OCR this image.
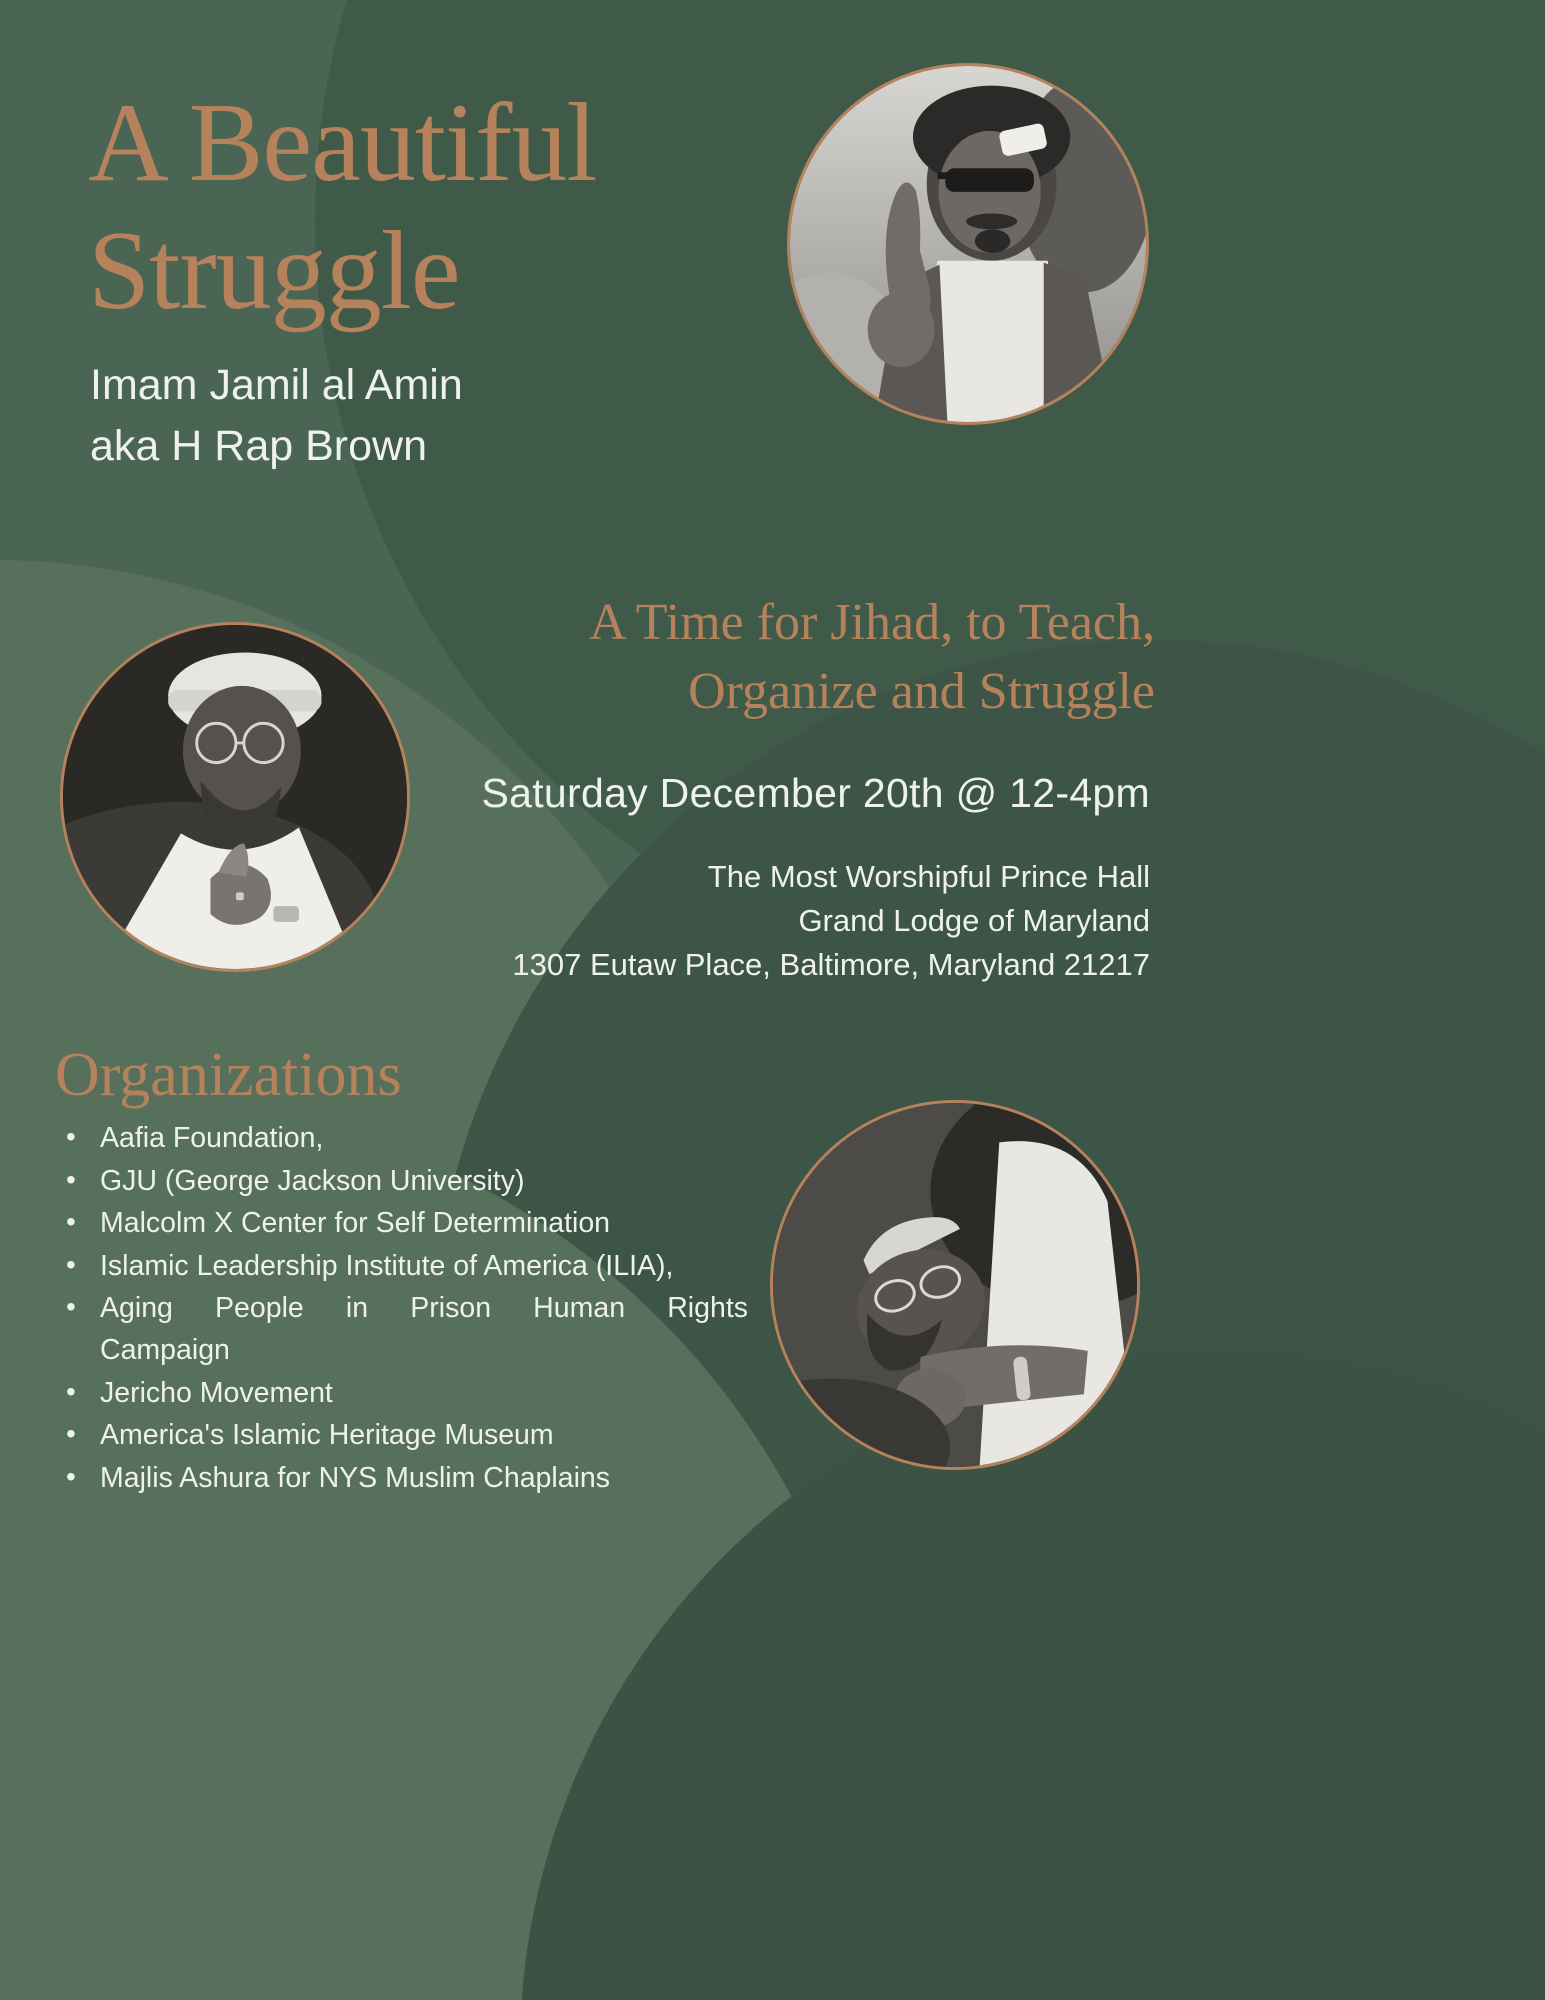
A Beautiful
Struggle
Imam Jamil al Amin
aka H Rap Brown
A Time for Jihad, to Teach,
Organize and Struggle
Saturday December 20th @ 12-4pm
The Most Worshipful Prince Hall
Grand Lodge of Maryland
1307 Eutaw Place, Baltimore, Maryland 21217
Organizations
• Aafia Foundation,
• GJU (George Jackson University)
• Malcolm X Center for Self Determination
• Islamic Leadership Institute of America (ILIA),
• Aging People in Prison Human Rights
Campaign
• Jericho Movement
• America's Islamic Heritage Museum
• Majlis Ashura for NYS Muslim Chaplains
